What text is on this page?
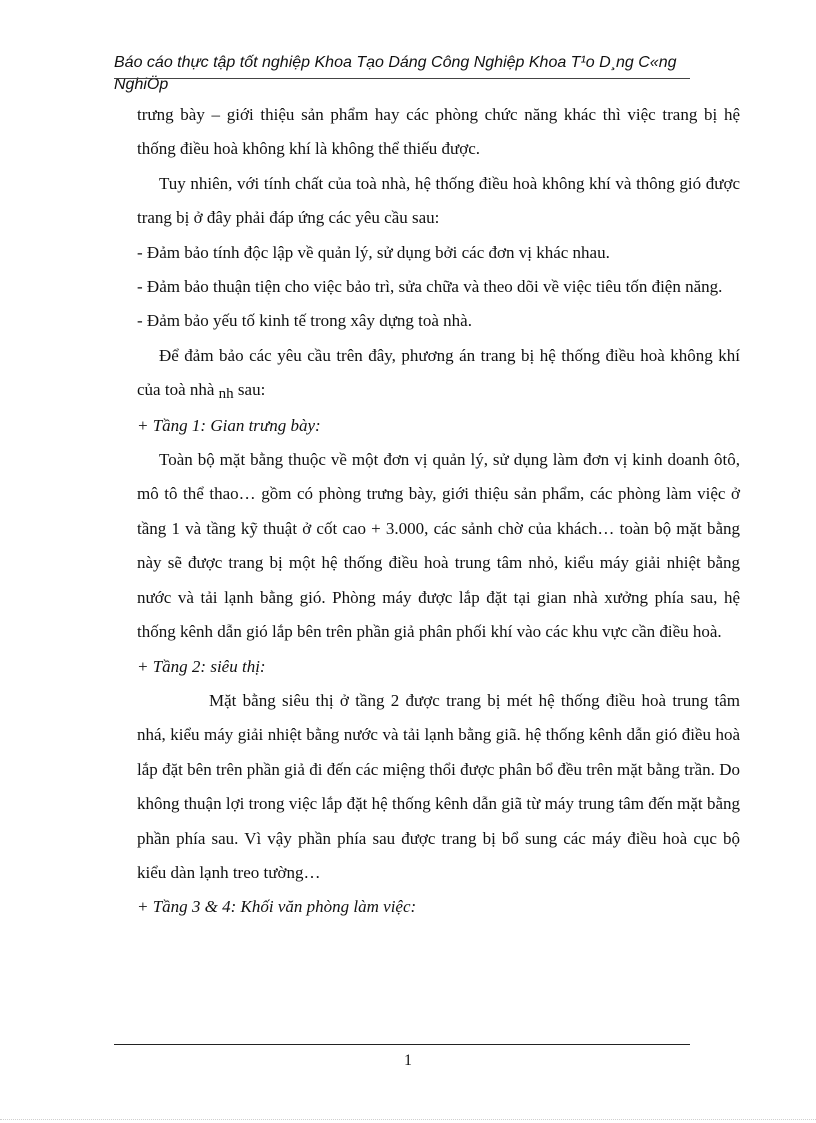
Báo cáo thực tập tốt nghiệp Khoa Tạo Dáng Công Nghiệp Khoa T¹o D¸ng C«ng
NghiÖp

trưng bày – giới thiệu sản phẩm hay các phòng chức năng khác thì việc trang bị hệ thống điều hoà không khí là không thể thiếu được.

Tuy nhiên, với tính chất của toà nhà, hệ thống điều hoà không khí và thông gió được trang bị ở đây phải đáp ứng các yêu cầu sau:

- Đảm bảo tính độc lập về quản lý, sử dụng bởi các đơn vị khác nhau.

- Đảm bảo thuận tiện cho việc bảo trì, sửa chữa và theo dõi về việc tiêu tốn điện năng.

- Đảm bảo yếu tố kinh tế trong xây dựng toà nhà.

Để đảm bảo các yêu cầu trên đây, phương án trang bị hệ thống điều hoà không khí của toà nhà nh sau:

+ Tầng 1: Gian trưng bày:

Toàn bộ mặt bằng thuộc về một đơn vị quản lý, sử dụng làm đơn vị kinh doanh ôtô, mô tô thể thao… gồm có phòng trưng bày, giới thiệu sản phẩm, các phòng làm việc ở tầng 1 và tầng kỹ thuật ở cốt cao + 3.000, các sảnh chờ của khách… toàn bộ mặt bằng này sẽ được trang bị một hệ thống điều hoà trung tâm nhỏ, kiểu máy giải nhiệt bằng nước và tải lạnh bằng gió. Phòng máy được lắp đặt tại gian nhà xưởng phía sau, hệ thống kênh dẫn gió lắp bên trên phần giả phân phối khí vào các khu vực cần điều hoà.

+ Tầng 2: siêu thị:

Mặt bằng siêu thị ở tầng 2 được trang bị mét hệ thống điều hoà trung tâm nhá, kiểu máy giải nhiệt bằng nước và tải lạnh bằng giã. hệ thống kênh dẫn gió điều hoà lắp đặt bên trên phần giả đi đến các miệng thổi được phân bổ đều trên mặt bằng trần. Do không thuận lợi trong việc lắp đặt hệ thống kênh dẫn giã từ máy trung tâm đến mặt bằng phần phía sau. Vì vậy phần phía sau được trang bị bổ sung các máy điều hoà cục bộ kiểu dàn lạnh treo tường…

+ Tầng 3 & 4: Khối văn phòng làm việc:

1
